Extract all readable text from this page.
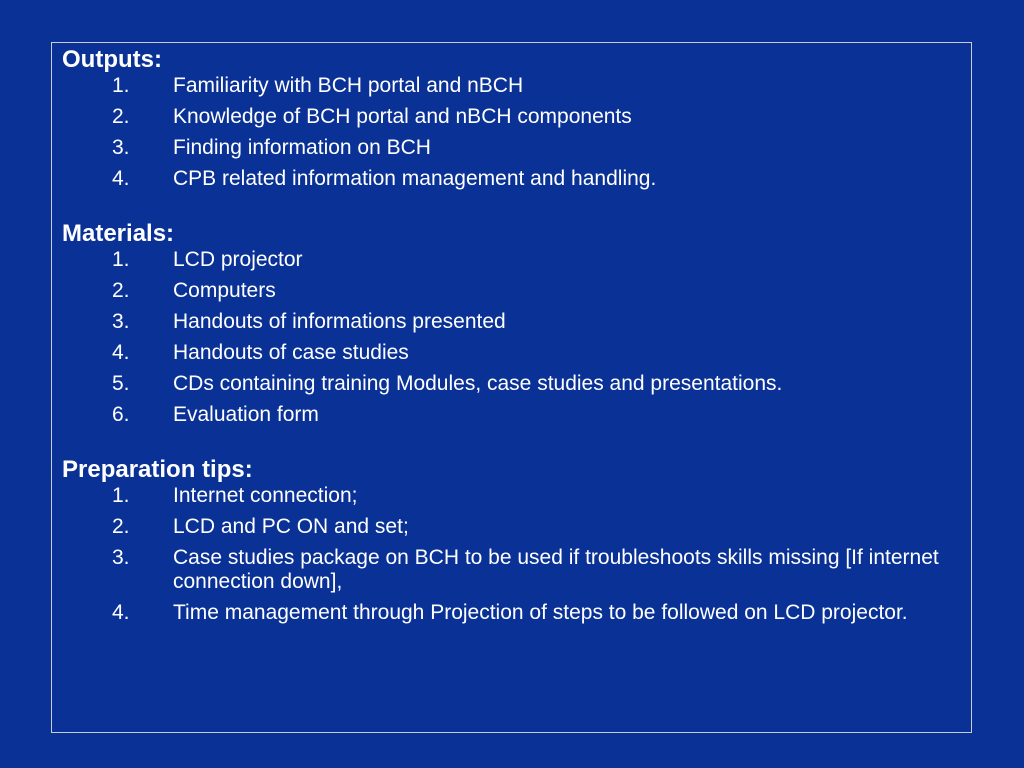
Outputs:
1. Familiarity with BCH portal and nBCH
2. Knowledge of BCH portal and nBCH components
3. Finding information on BCH
4. CPB related information management and handling.
Materials:
1. LCD projector
2. Computers
3. Handouts of informations presented
4. Handouts of case studies
5. CDs containing training Modules, case studies and presentations.
6. Evaluation form
Preparation tips:
1. Internet connection;
2. LCD and PC ON and set;
3. Case studies package on BCH to be used if troubleshoots skills missing [If internet connection down],
4. Time management through Projection of steps to be followed on LCD projector.
